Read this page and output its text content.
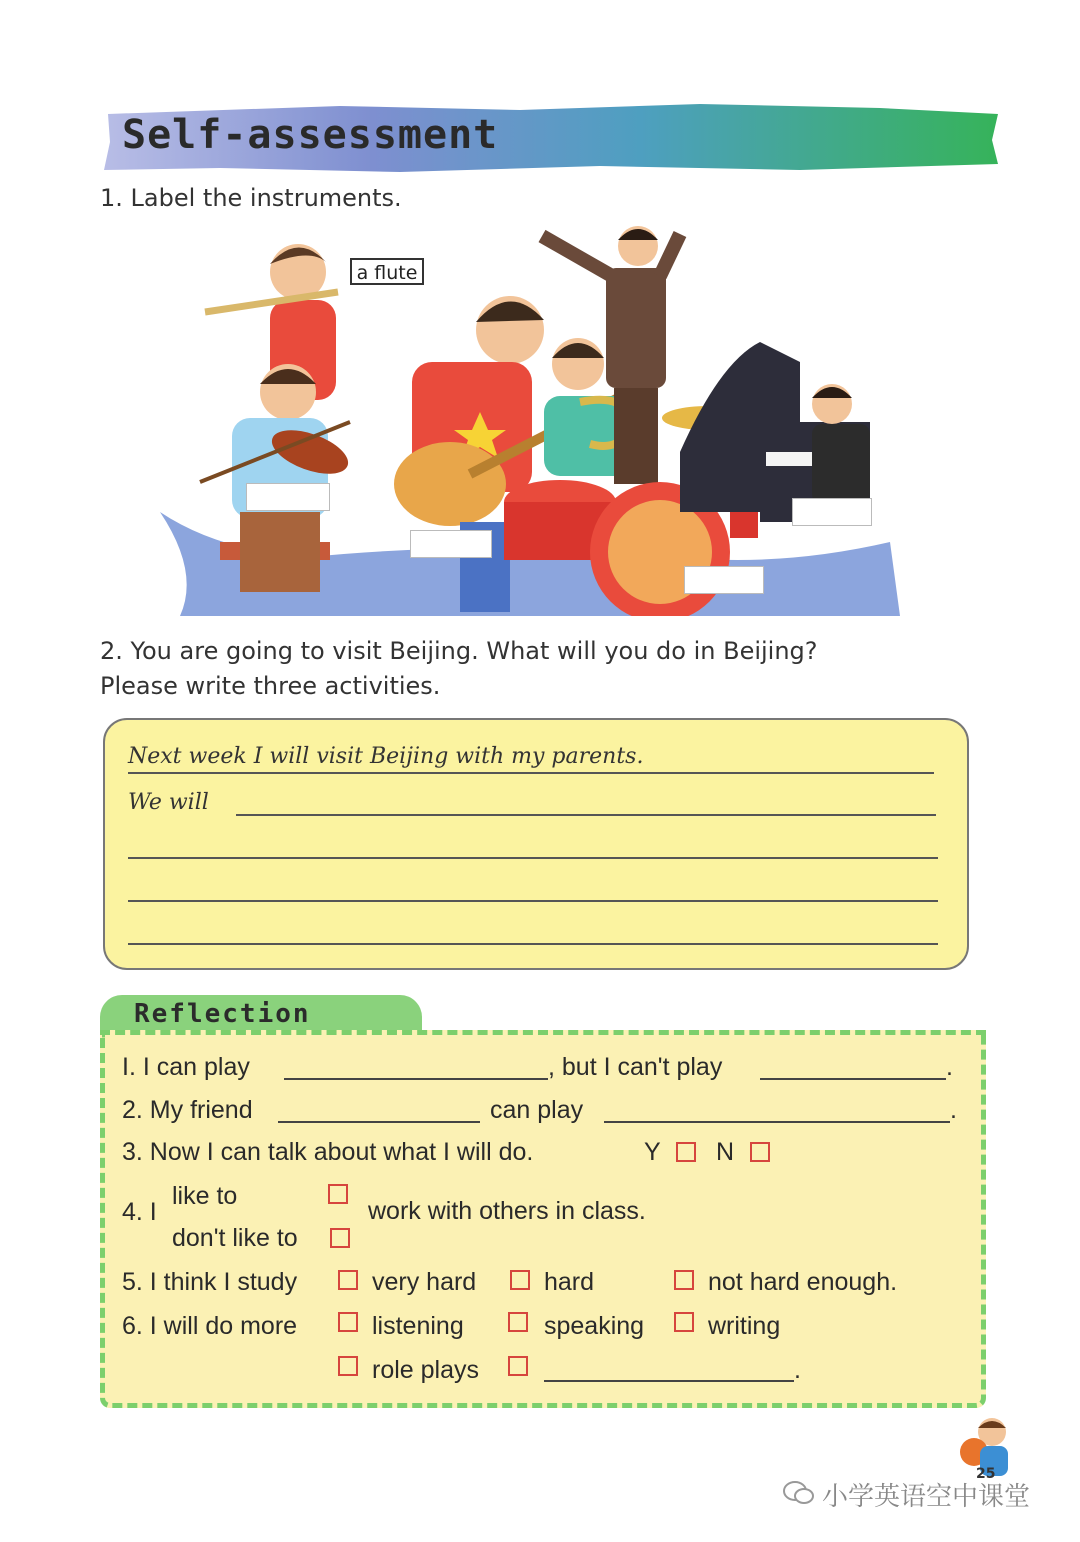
Self-assessment
1. Label the instruments.
a flute
2. You are going to visit Beijing. What will you do in Beijing?
Please write three activities.
Next week I will visit Beijing with my parents.
We will
Reflection
I. I can play	, but I can't play	.
2. My friend	can play	.
3. Now I can talk about what I will do.	Y N
4. I
like to
don't like to
work with others in class.
5. I think I study	very hard	hard	not hard enough.
6. I will do more	listening	speaking	writing
role plays	.
25
小学英语空中课堂
